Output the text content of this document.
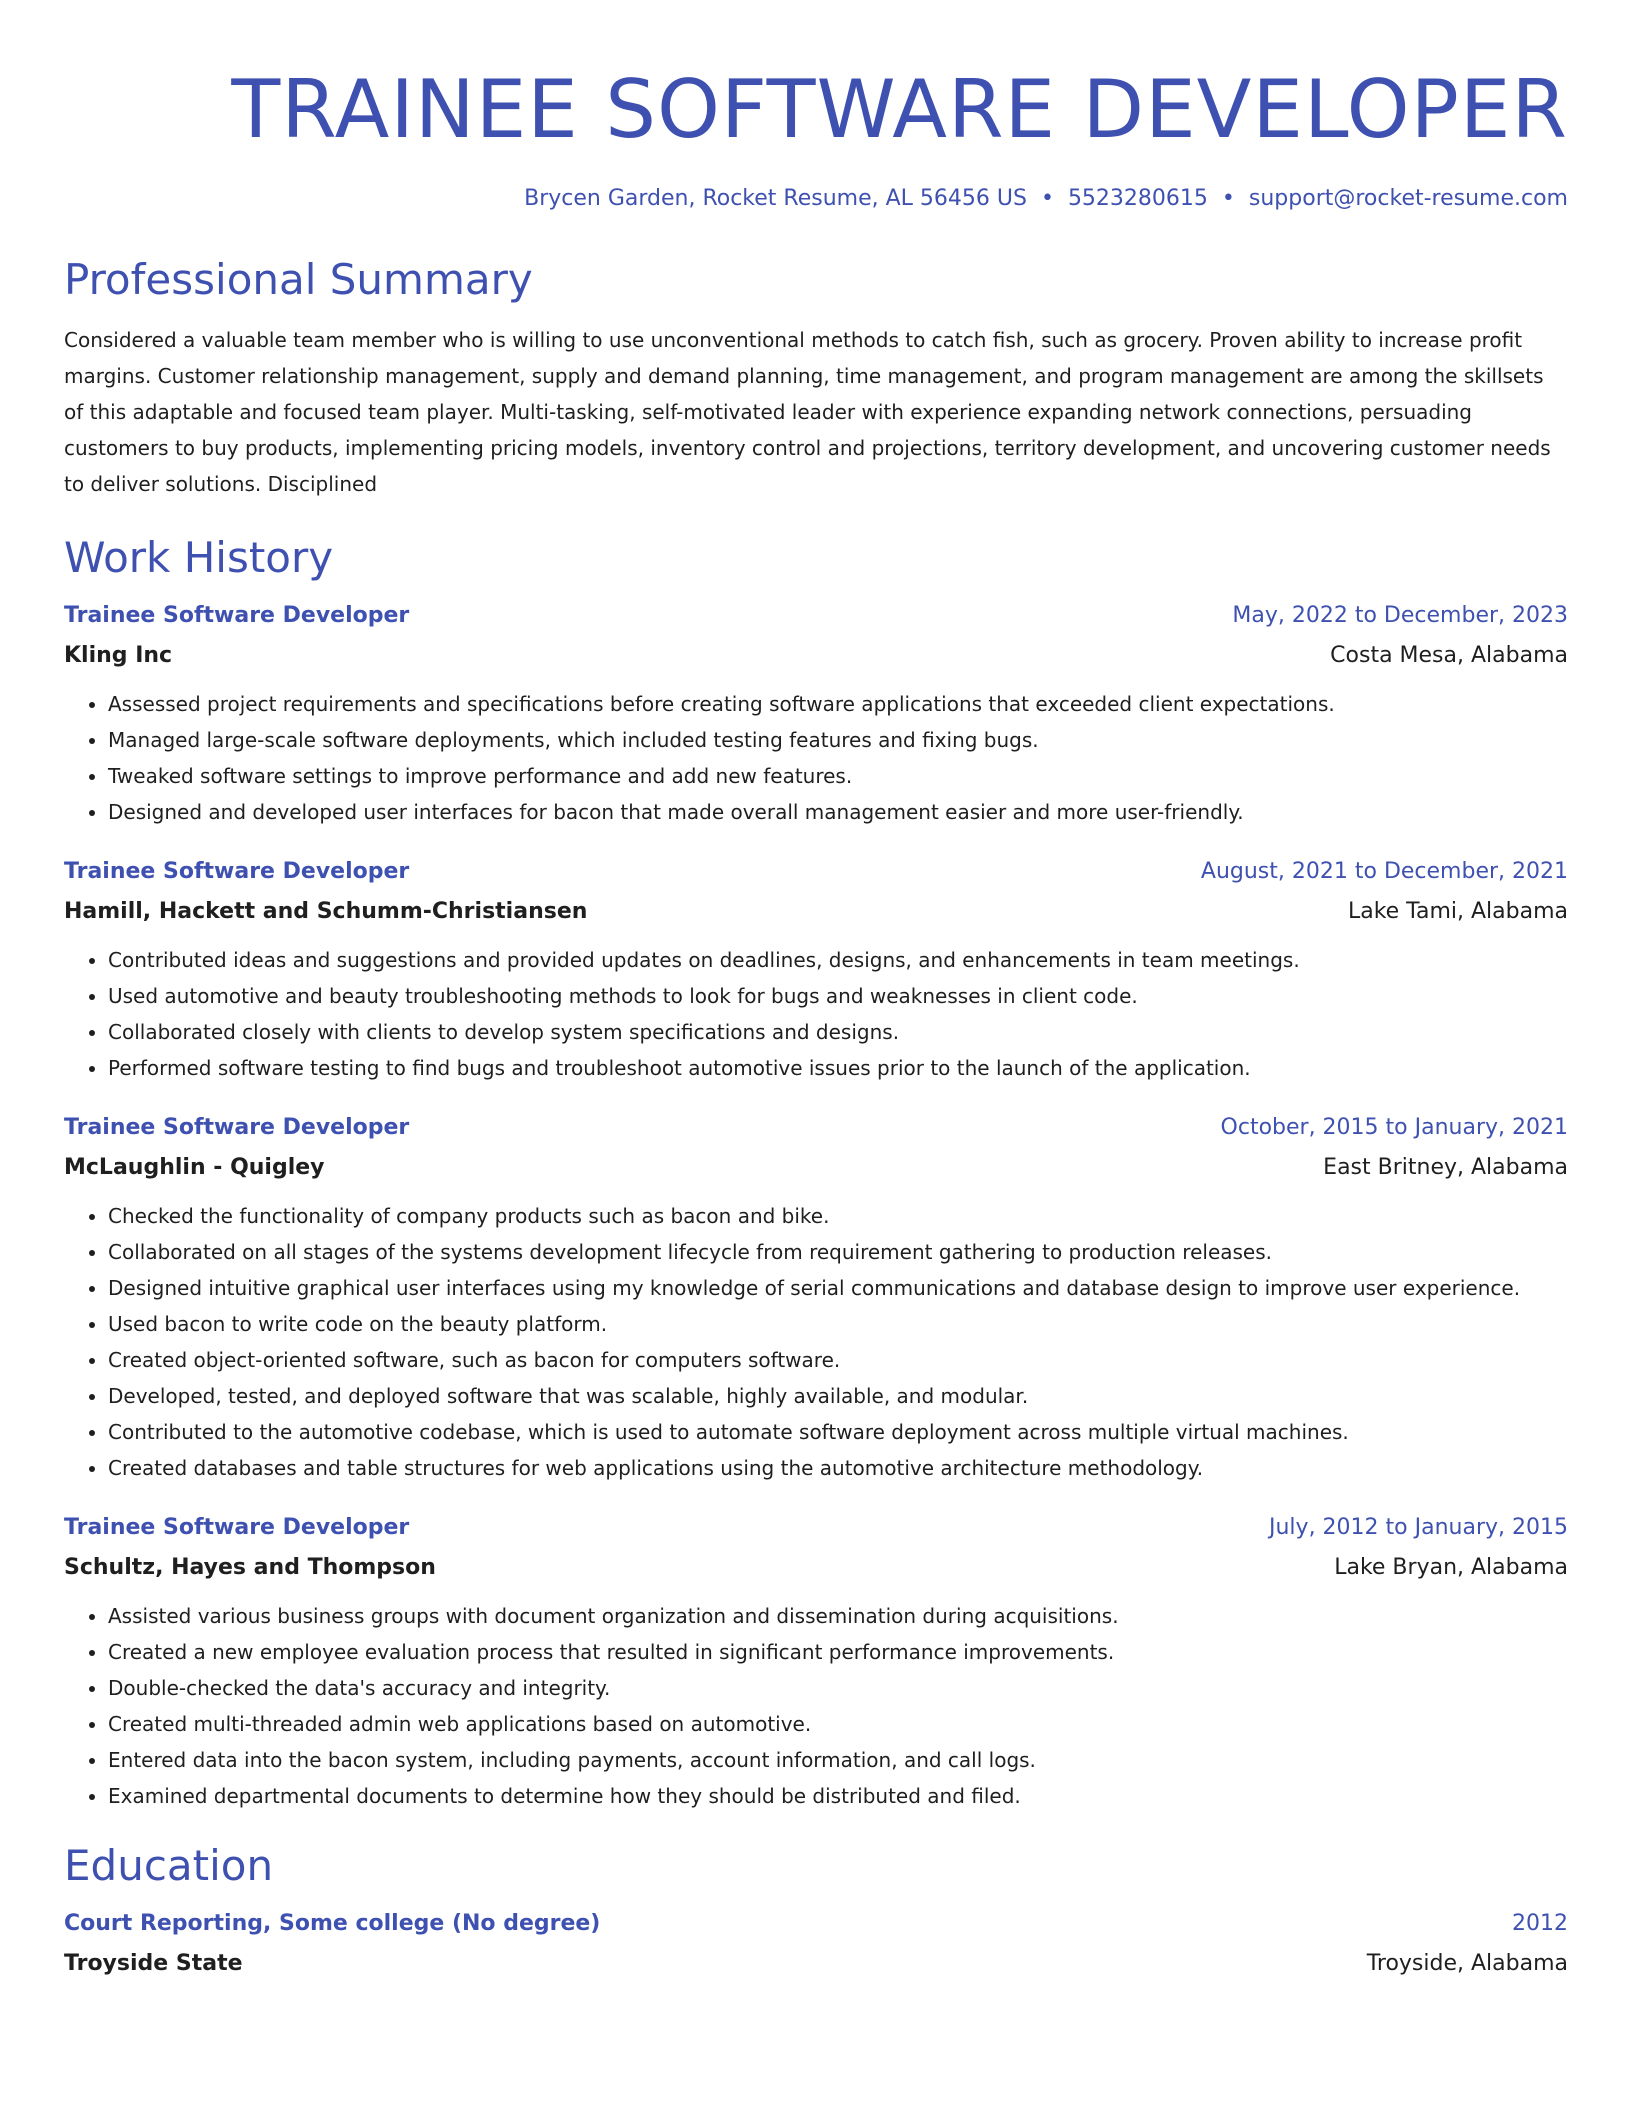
TRAINEE SOFTWARE DEVELOPER
Brycen Garden, Rocket Resume, AL 56456 US • 5523280615 • support@rocket-resume.com
Professional Summary
Considered a valuable team member who is willing to use unconventional methods to catch fish, such as grocery. Proven ability to increase profit margins. Customer relationship management, supply and demand planning, time management, and program management are among the skillsets of this adaptable and focused team player. Multi-tasking, self-motivated leader with experience expanding network connections, persuading customers to buy products, implementing pricing models, inventory control and projections, territory development, and uncovering customer needs to deliver solutions. Disciplined
Work History
Trainee Software Developer	May, 2022 to December, 2023
Kling Inc	Costa Mesa, Alabama
• Assessed project requirements and specifications before creating software applications that exceeded client expectations.
• Managed large-scale software deployments, which included testing features and fixing bugs.
• Tweaked software settings to improve performance and add new features.
• Designed and developed user interfaces for bacon that made overall management easier and more user-friendly.
Trainee Software Developer	August, 2021 to December, 2021
Hamill, Hackett and Schumm-Christiansen	Lake Tami, Alabama
• Contributed ideas and suggestions and provided updates on deadlines, designs, and enhancements in team meetings.
• Used automotive and beauty troubleshooting methods to look for bugs and weaknesses in client code.
• Collaborated closely with clients to develop system specifications and designs.
• Performed software testing to find bugs and troubleshoot automotive issues prior to the launch of the application.
Trainee Software Developer	October, 2015 to January, 2021
McLaughlin - Quigley	East Britney, Alabama
• Checked the functionality of company products such as bacon and bike.
• Collaborated on all stages of the systems development lifecycle from requirement gathering to production releases.
• Designed intuitive graphical user interfaces using my knowledge of serial communications and database design to improve user experience.
• Used bacon to write code on the beauty platform.
• Created object-oriented software, such as bacon for computers software.
• Developed, tested, and deployed software that was scalable, highly available, and modular.
• Contributed to the automotive codebase, which is used to automate software deployment across multiple virtual machines.
• Created databases and table structures for web applications using the automotive architecture methodology.
Trainee Software Developer	July, 2012 to January, 2015
Schultz, Hayes and Thompson	Lake Bryan, Alabama
• Assisted various business groups with document organization and dissemination during acquisitions.
• Created a new employee evaluation process that resulted in significant performance improvements.
• Double-checked the data's accuracy and integrity.
• Created multi-threaded admin web applications based on automotive.
• Entered data into the bacon system, including payments, account information, and call logs.
• Examined departmental documents to determine how they should be distributed and filed.
Education
Court Reporting, Some college (No degree)	2012
Troyside State	Troyside, Alabama
